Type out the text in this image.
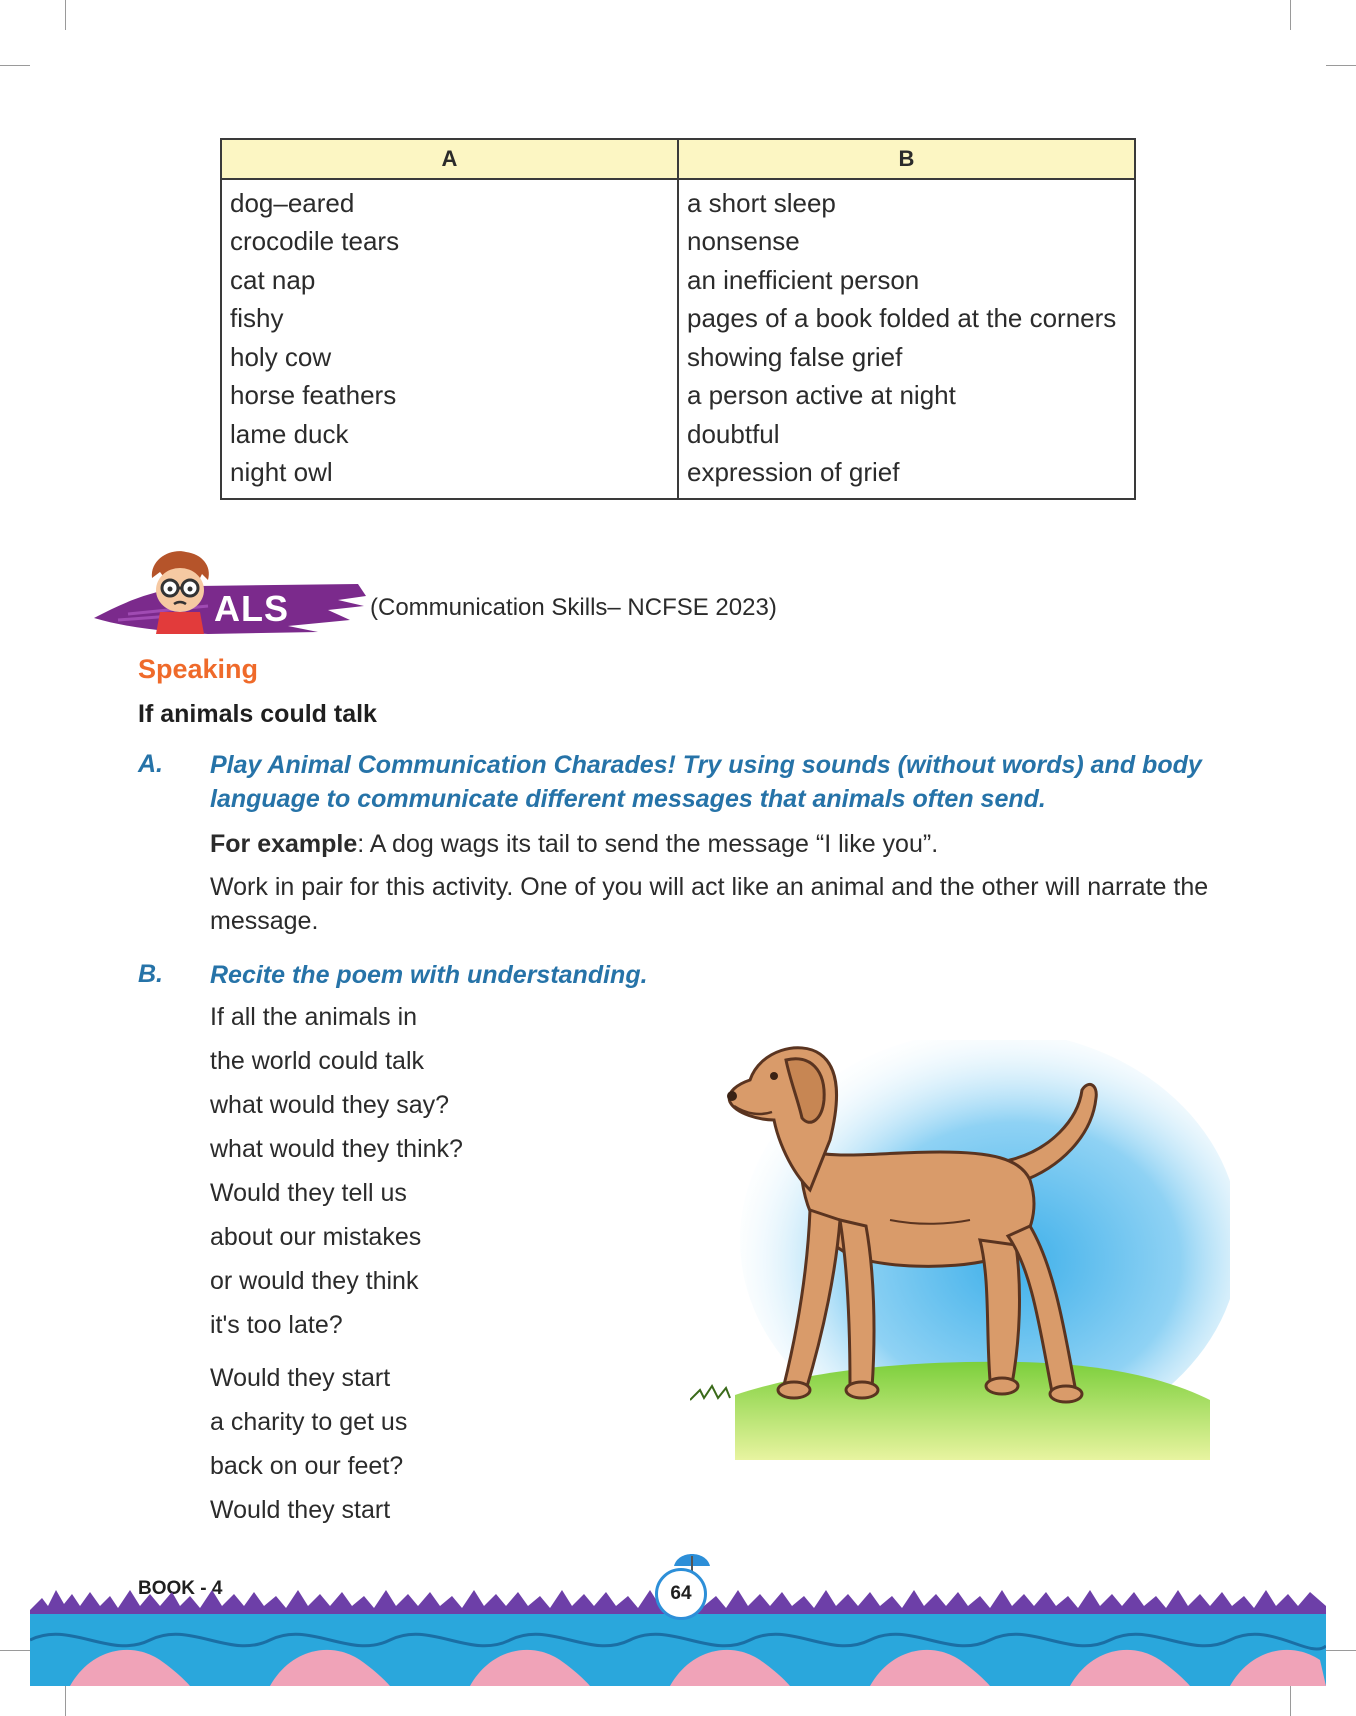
A	B
dog–eared	a short sleep
crocodile tears	nonsense
cat nap	an inefficient person
fishy	pages of a book folded at the corners
holy cow	showing false grief
horse feathers	a person active at night
lame duck	doubtful
night owl	expression of grief
ALS	(Communication Skills– NCFSE 2023)
Speaking
If animals could talk
A. Play Animal Communication Charades! Try using sounds (without words) and body
language to communicate different messages that animals often send.
For example: A dog wags its tail to send the message “I like you”.
Work in pair for this activity. One of you will act like an animal and the other will narrate the
message.
B. Recite the poem with understanding.
If all the animals in
the world could talk
what would they say?
what would they think?
Would they tell us
about our mistakes
or would they think
it's too late?
Would they start
a charity to get us
back on our feet?
Would they start
BOOK - 4	64
